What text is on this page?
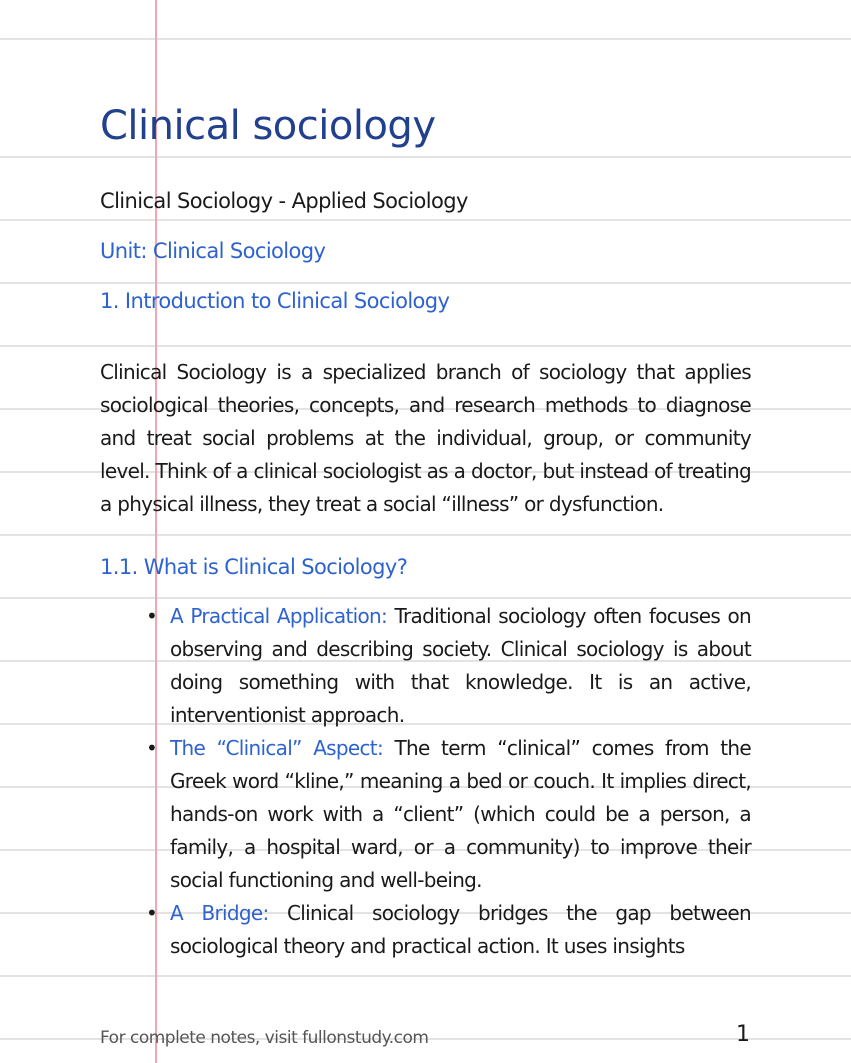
Clinical sociology
Clinical Sociology - Applied Sociology
Unit: Clinical Sociology
1. Introduction to Clinical Sociology

Clinical Sociology is a specialized branch of sociology that applies sociological theories, concepts, and research methods to diagnose and treat social problems at the individual, group, or community level. Think of a clinical sociologist as a doctor, but instead of treating a physical illness, they treat a social “illness” or dysfunction.

1.1. What is Clinical Sociology?
• A Practical Application: Traditional sociology often focuses on observing and describing society. Clinical sociology is about doing something with that knowledge. It is an active, interventionist approach.
• The “Clinical” Aspect: The term “clinical” comes from the Greek word “kline,” meaning a bed or couch. It implies direct, hands-on work with a “client” (which could be a person, a family, a hospital ward, or a community) to improve their social functioning and well-being.
• A Bridge: Clinical sociology bridges the gap between sociological theory and practical action. It uses insights
For complete notes, visit fullonstudy.com	1
